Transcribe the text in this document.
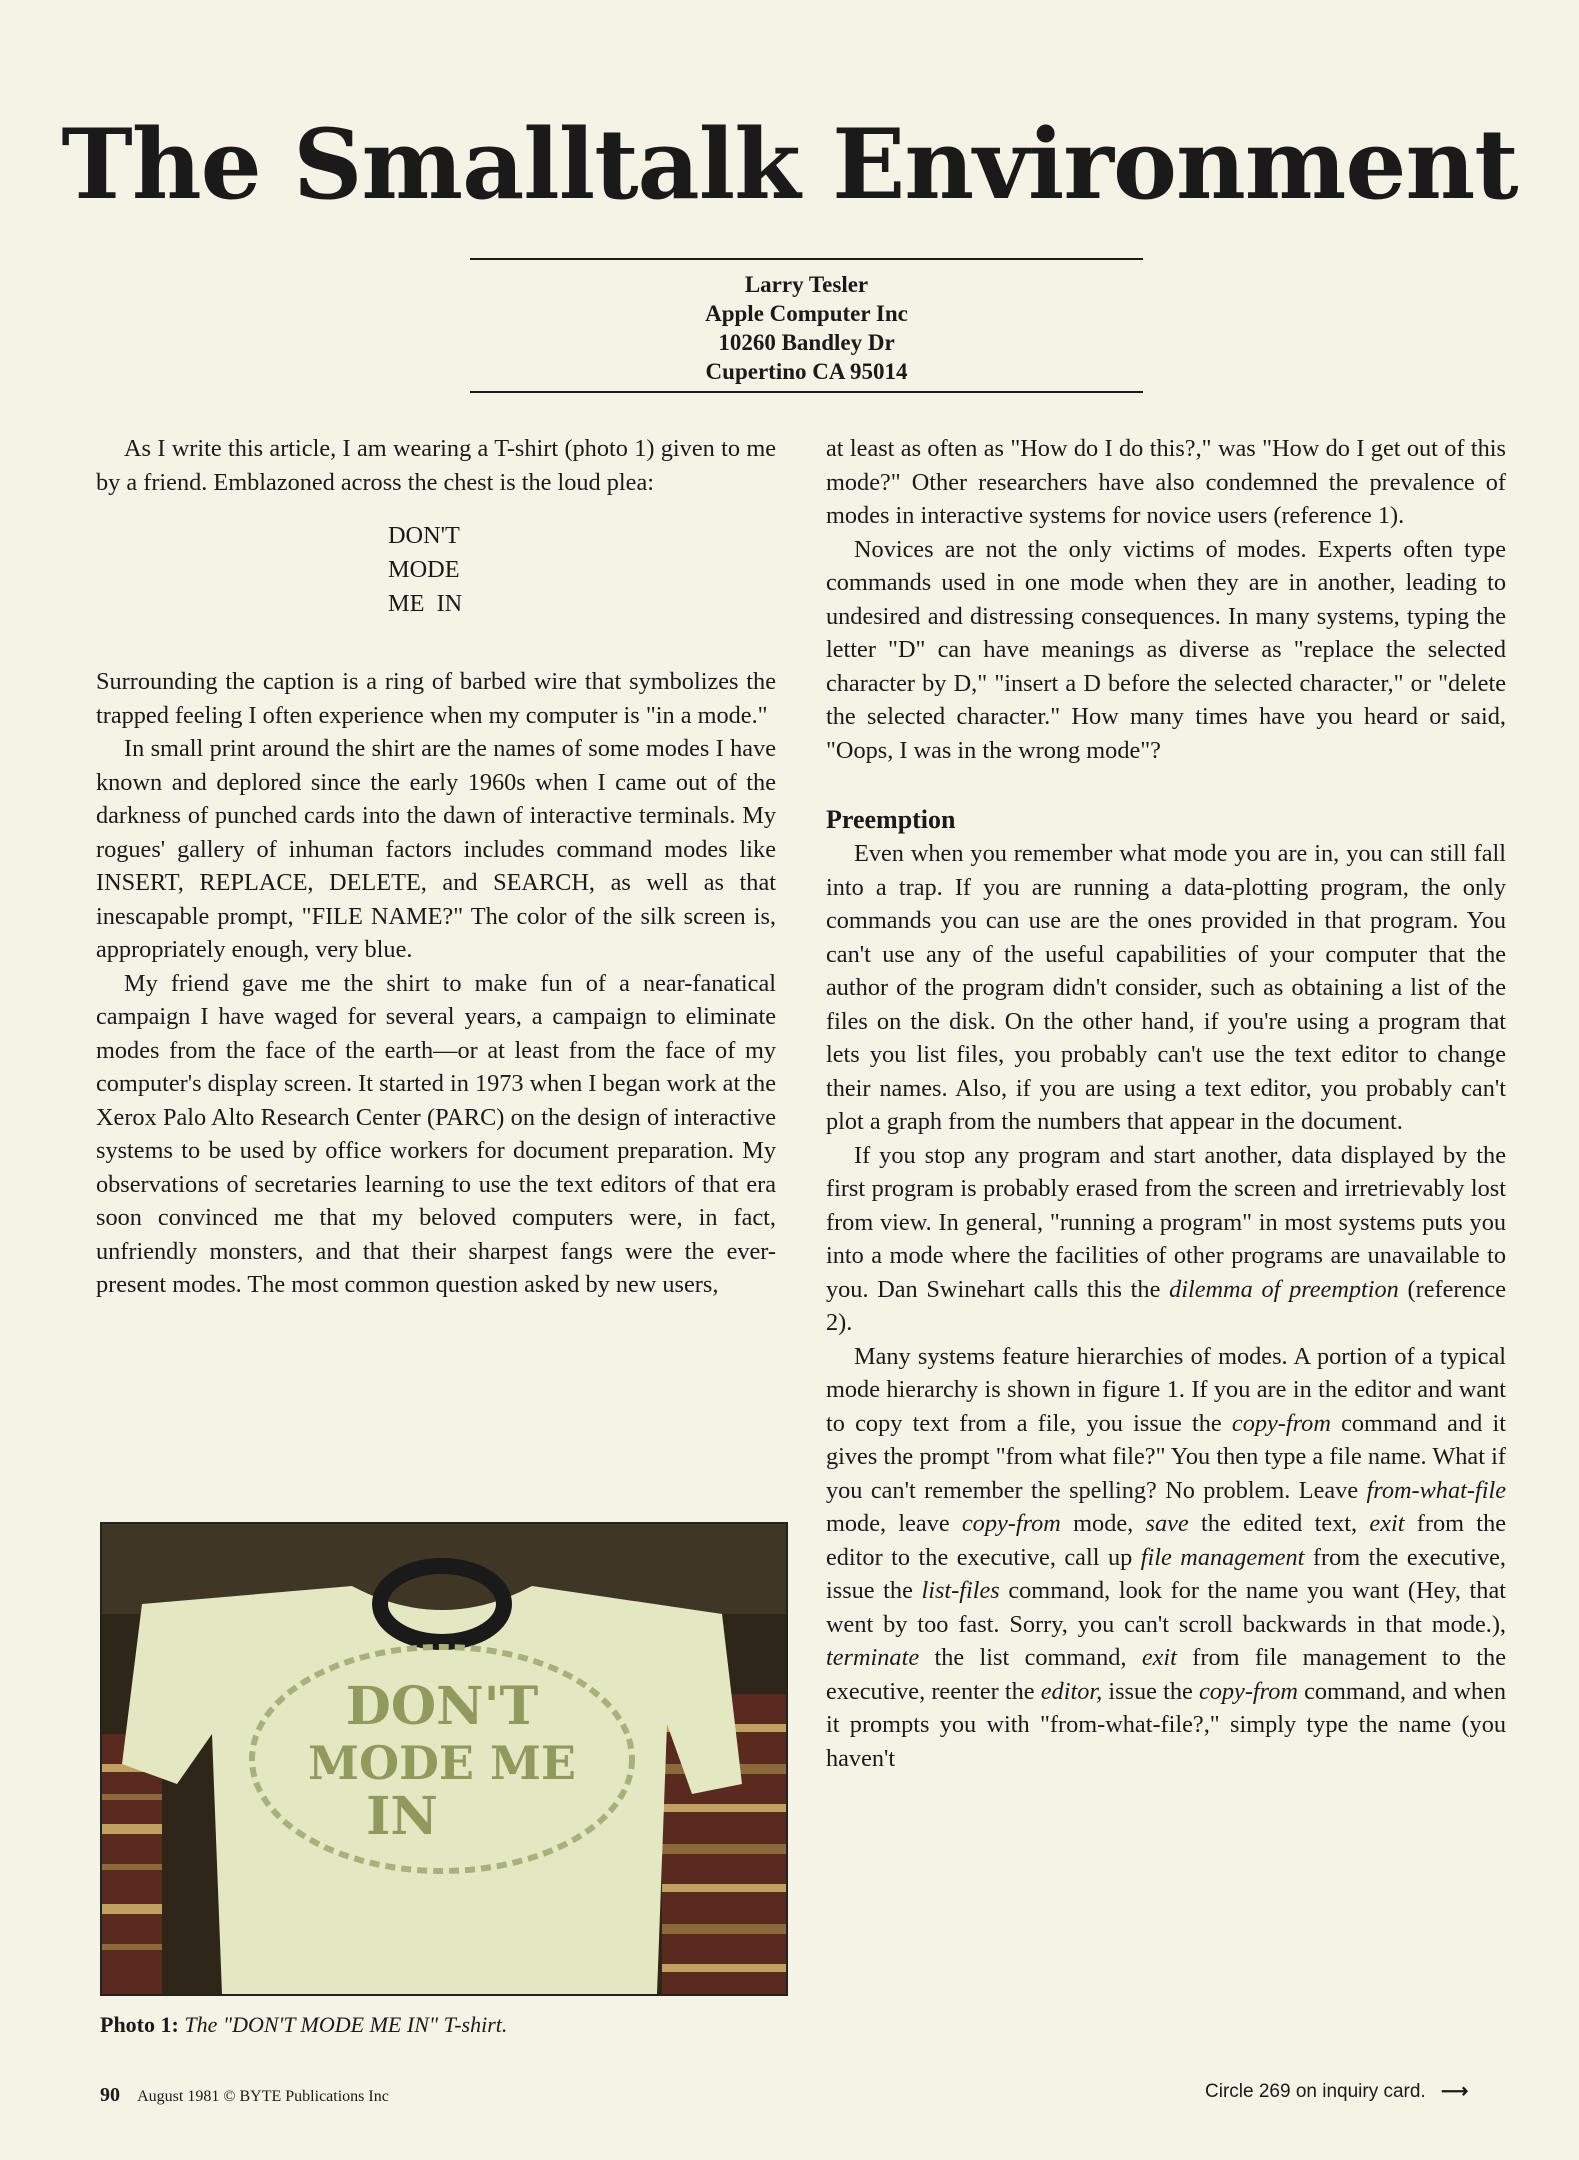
The Smalltalk Environment
Larry Tesler
Apple Computer Inc
10260 Bandley Dr
Cupertino CA 95014

As I write this article, I am wearing a T-shirt (photo 1) given to me by a friend. Emblazoned across the chest is the loud plea:

DON'T
MODE
ME  IN

Surrounding the caption is a ring of barbed wire that symbolizes the trapped feeling I often experience when my computer is "in a mode."

In small print around the shirt are the names of some modes I have known and deplored since the early 1960s when I came out of the darkness of punched cards into the dawn of interactive terminals. My rogues' gallery of inhuman factors includes command modes like INSERT, REPLACE, DELETE, and SEARCH, as well as that inescapable prompt, "FILE NAME?" The color of the silk screen is, appropriately enough, very blue.

My friend gave me the shirt to make fun of a near-fanatical campaign I have waged for several years, a campaign to eliminate modes from the face of the earth—or at least from the face of my computer's display screen. It started in 1973 when I began work at the Xerox Palo Alto Research Center (PARC) on the design of interactive systems to be used by office workers for document preparation. My observations of secretaries learning to use the text editors of that era soon convinced me that my beloved computers were, in fact, unfriendly monsters, and that their sharpest fangs were the ever-present modes. The most common question asked by new users,

at least as often as "How do I do this?," was "How do I get out of this mode?" Other researchers have also condemned the prevalence of modes in interactive systems for novice users (reference 1).

Novices are not the only victims of modes. Experts often type commands used in one mode when they are in another, leading to undesired and distressing consequences. In many systems, typing the letter "D" can have meanings as diverse as "replace the selected character by D," "insert a D before the selected character," or "delete the selected character." How many times have you heard or said, "Oops, I was in the wrong mode"?

Preemption

Even when you remember what mode you are in, you can still fall into a trap. If you are running a data-plotting program, the only commands you can use are the ones provided in that program. You can't use any of the useful capabilities of your computer that the author of the program didn't consider, such as obtaining a list of the files on the disk. On the other hand, if you're using a program that lets you list files, you probably can't use the text editor to change their names. Also, if you are using a text editor, you probably can't plot a graph from the numbers that appear in the document.

If you stop any program and start another, data displayed by the first program is probably erased from the screen and irretrievably lost from view. In general, "running a program" in most systems puts you into a mode where the facilities of other programs are unavailable to you. Dan Swinehart calls this the dilemma of preemption (reference 2).

Many systems feature hierarchies of modes. A portion of a typical mode hierarchy is shown in figure 1. If you are in the editor and want to copy text from a file, you issue the copy-from command and it gives the prompt "from what file?" You then type a file name. What if you can't remember the spelling? No problem. Leave from-what-file mode, leave copy-from mode, save the edited text, exit from the editor to the executive, call up file management from the executive, issue the list-files command, look for the name you want (Hey, that went by too fast. Sorry, you can't scroll backwards in that mode.), terminate the list command, exit from file management to the executive, reenter the editor, issue the copy-from command, and when it prompts you with "from-what-file?," simply type the name (you haven't

DON'T
MODE ME
IN
Photo 1: The "DON'T MODE ME IN" T-shirt.
90 August 1981 © BYTE Publications Inc	Circle 269 on inquiry card. ⟶
